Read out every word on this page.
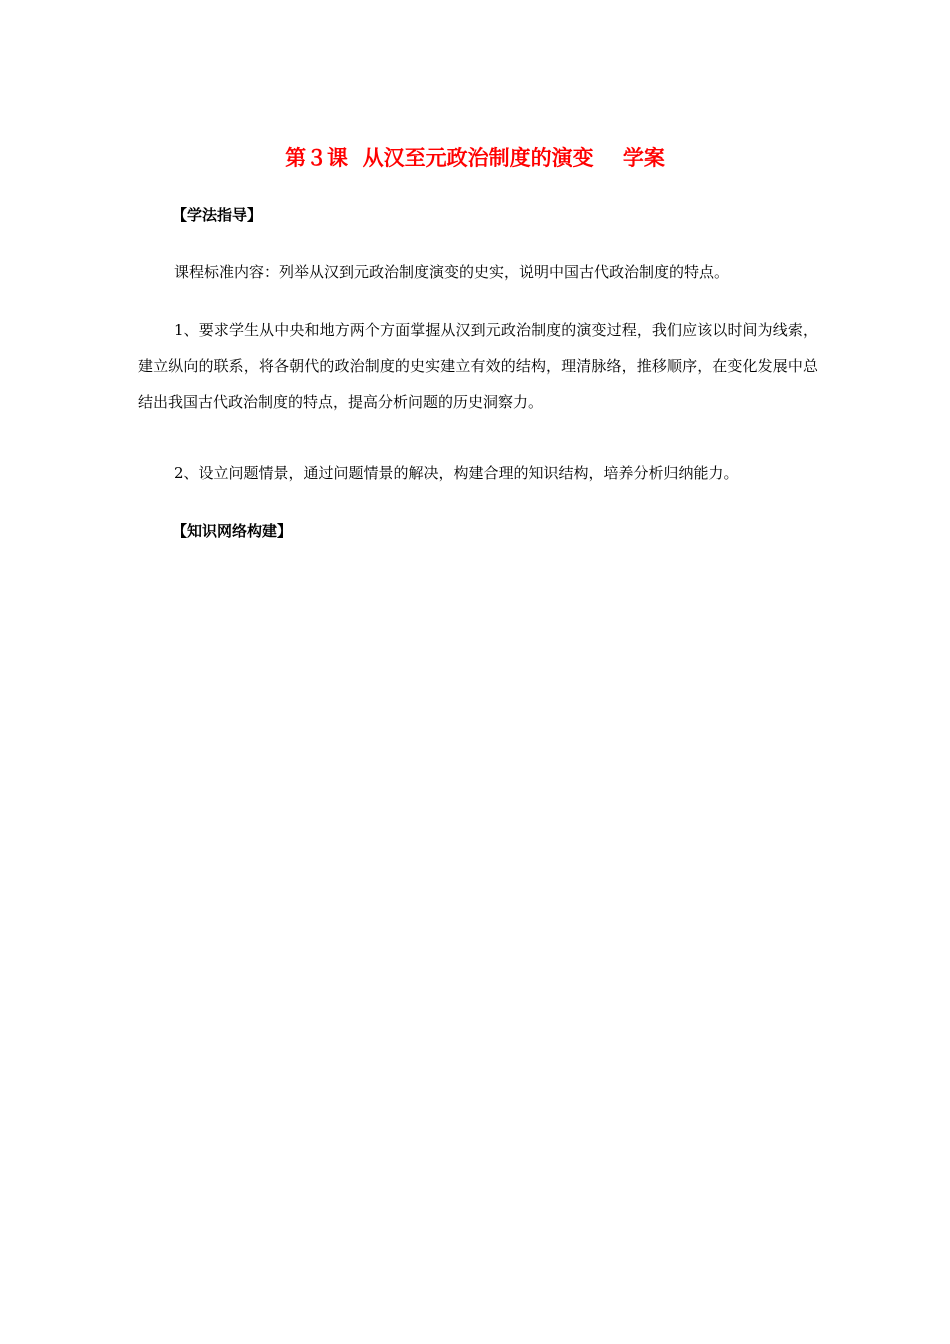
第３课  从汉至元政治制度的演变    学案
【学法指导】
课程标准内容：列举从汉到元政治制度演变的史实，说明中国古代政治制度的特点。
1、要求学生从中央和地方两个方面掌握从汉到元政治制度的演变过程，我们应该以时间为线索，建立纵向的联系，将各朝代的政治制度的史实建立有效的结构，理清脉络，推移顺序，在变化发展中总结出我国古代政治制度的特点，提高分析问题的历史洞察力。
2、设立问题情景，通过问题情景的解决，构建合理的知识结构，培养分析归纳能力。
【知识网络构建】
